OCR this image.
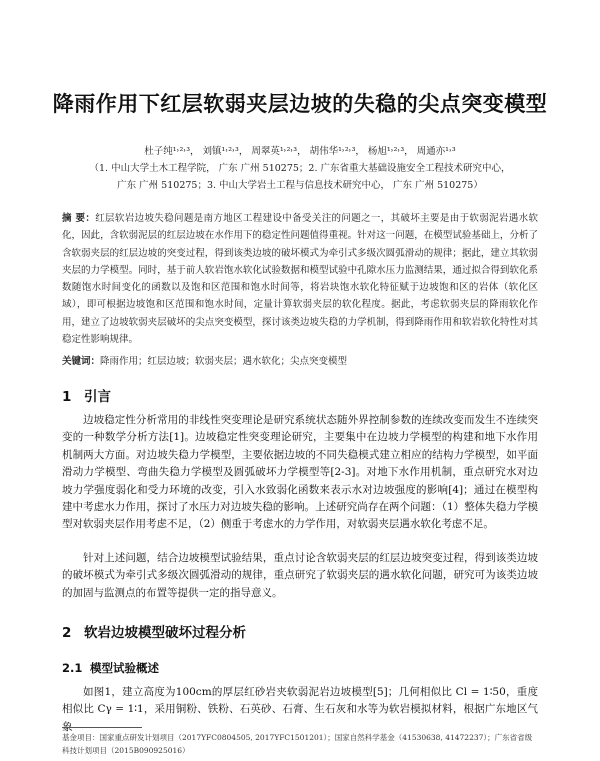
降雨作用下红层软弱夹层边坡的失稳的尖点突变模型
杜子纯¹˒²˒³， 刘镇¹˒²˒³， 周翠英¹˒²˒³， 胡伟华¹˒²˒³， 杨旭¹˒²˒³， 周通亦¹˒³
（1. 中山大学土木工程学院， 广东 广州 510275；2. 广东省重大基础设施安全工程技术研究中心，
广东 广州 510275；3. 中山大学岩土工程与信息技术研究中心， 广东 广州 510275）
摘 要：红层软岩边坡失稳问题是南方地区工程建设中备受关注的问题之一，其破坏主要是由于软弱泥岩遇水软化，因此，含软弱泥层的红层边坡在水作用下的稳定性问题值得重视。针对这一问题，在模型试验基础上，分析了含软弱夹层的红层边坡的突变过程，得到该类边坡的破坏模式为牵引式多级次圆弧滑动的规律；据此，建立其软弱夹层的力学模型。同时，基于前人软岩饱水软化试验数据和模型试验中孔隙水压力监测结果，通过拟合得到软化系数随饱水时间变化的函数以及饱和区范围和饱水时间等，将岩块饱水软化特征赋于边坡饱和区的岩体（软化区域），即可根据边坡饱和区范围和饱水时间，定量计算软弱夹层的软化程度。据此，考虑软弱夹层的降雨软化作用，建立了边坡软弱夹层破坏的尖点突变模型，探讨该类边坡失稳的力学机制，得到降雨作用和软岩软化特性对其稳定性影响规律。
关键词：降雨作用；红层边坡；软弱夹层；遇水软化；尖点突变模型
1 引言
边坡稳定性分析常用的非线性突变理论是研究系统状态随外界控制参数的连续改变而发生不连续突变的一种数学分析方法[1]。边坡稳定性突变理论研究，主要集中在边坡力学模型的构建和地下水作用机制两大方面。对边坡失稳力学模型，主要依据边坡的不同失稳模式建立相应的结构力学模型，如平面滑动力学模型、弯曲失稳力学模型及圆弧破坏力学模型等[2-3]。对地下水作用机制，重点研究水对边坡力学强度弱化和受力环境的改变，引入水致弱化函数来表示水对边坡强度的影响[4]；通过在模型构建中考虑水力作用，探讨了水压力对边坡失稳的影响。上述研究尚存在两个问题：（1）整体失稳力学模型对软弱夹层作用考虑不足，（2）侧重于考虑水的力学作用，对软弱夹层遇水软化考虑不足。
针对上述问题，结合边坡模型试验结果，重点讨论含软弱夹层的红层边坡突变过程，得到该类边坡的破坏模式为牵引式多级次圆弧滑动的规律，重点研究了软弱夹层的遇水软化问题，研究可为该类边坡的加固与监测点的布置等提供一定的指导意义。
2 软岩边坡模型破坏过程分析
2.1 模型试验概述
如图1，建立高度为100cm的厚层红砂岩夹软弱泥岩边坡模型[5]；几何相似比 Cl = 1∶50，重度相似比 Cγ = 1∶1，采用铜粉、铁粉、石英砂、石膏、生石灰和水等为软岩模拟材料，根据广东地区气象
基金项目：国家重点研发计划项目（2017YFC0804505, 2017YFC1501201）；国家自然科学基金（41530638, 41472237）；广东省省级科技计划项目（2015B090925016）
